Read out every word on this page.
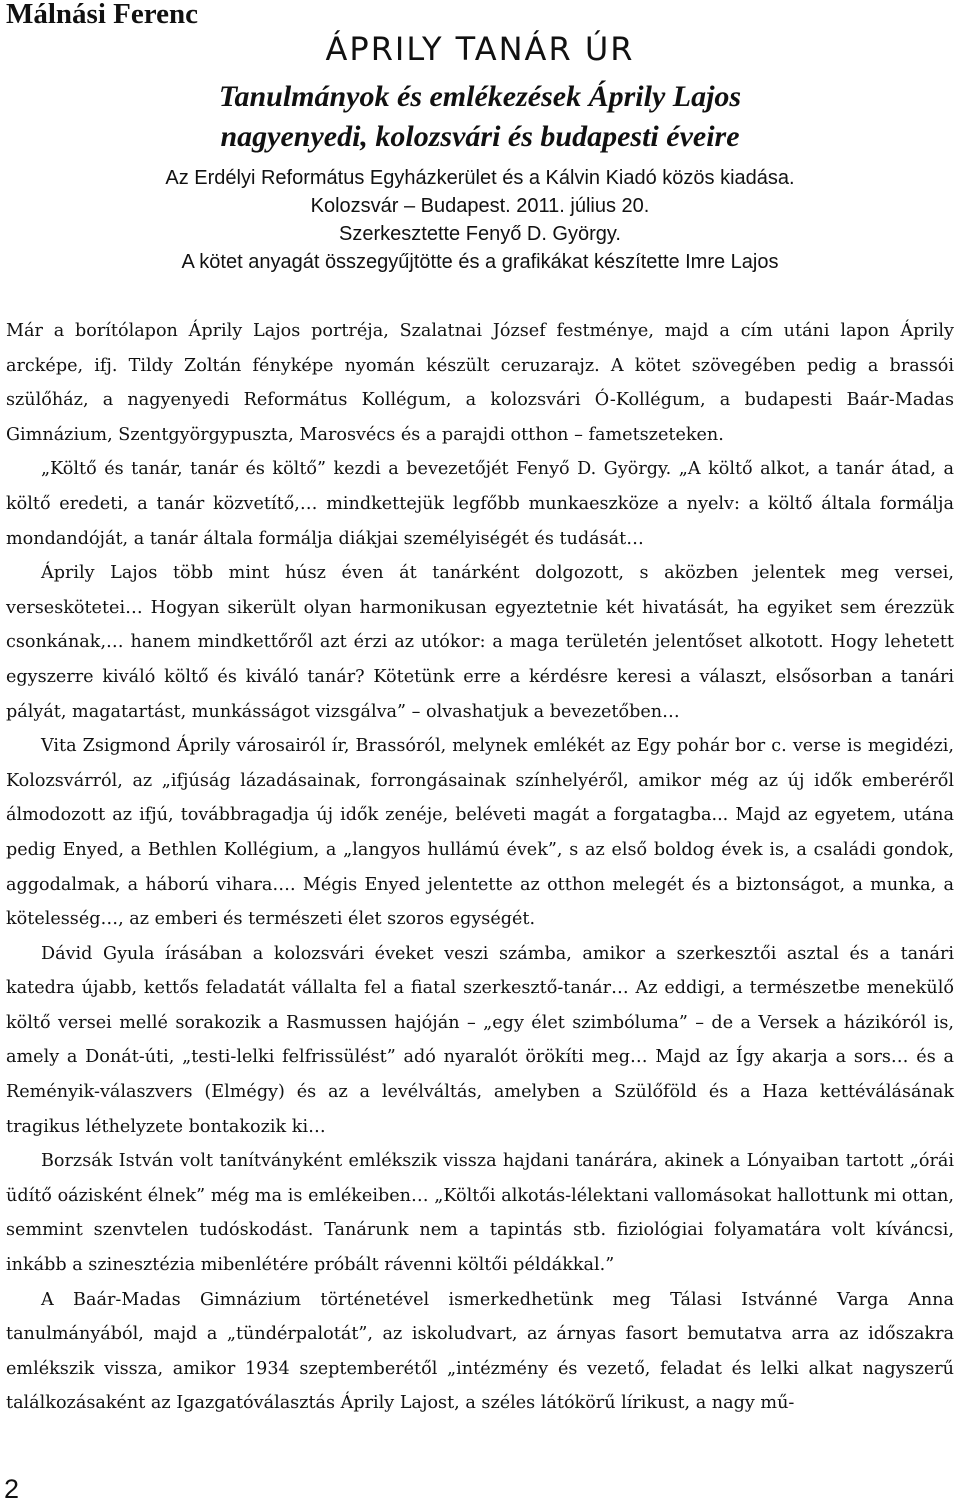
Málnási Ferenc
ÁPRILY TANÁR ÚR
Tanulmányok és emlékezések Áprily Lajos
nagyenyedi, kolozsvári és budapesti éveire
Az Erdélyi Református Egyházkerület és a Kálvin Kiadó közös kiadása.
Kolozsvár – Budapest. 2011. július 20.
Szerkesztette Fenyő D. György.
A kötet anyagát összegyűjtötte és a grafikákat készítette Imre Lajos

Már a borítólapon Áprily Lajos portréja, Szalatnai József festménye, majd a cím utáni lapon Áprily arcképe, ifj. Tildy Zoltán fényképe nyomán készült ceruzarajz. A kötet szövegében pedig a brassói szülőház, a nagyenyedi Református Kollégum, a kolozsvári Ó-Kollégum, a budapesti Baár-Madas Gimnázium, Szentgyörgypuszta, Marosvécs és a parajdi otthon – fametszeteken.

„Költő és tanár, tanár és költő” kezdi a bevezetőjét Fenyő D. György. „A költő alkot, a tanár átad, a költő eredeti, a tanár közvetítő,… mindkettejük legfőbb munkaeszköze a nyelv: a költő általa formálja mondandóját, a tanár általa formálja diákjai személyiségét és tudását…

Áprily Lajos több mint húsz éven át tanárként dolgozott, s aközben jelentek meg versei, verseskötetei… Hogyan sikerült olyan harmonikusan egyeztetnie két hivatását, ha egyiket sem érezzük csonkának,… hanem mindkettőről azt érzi az utókor: a maga területén jelentőset alkotott. Hogy lehetett egyszerre kiváló költő és kiváló tanár? Kötetünk erre a kérdésre keresi a választ, elsősorban a tanári pályát, magatartást, munkásságot vizsgálva” – olvashatjuk a bevezetőben…

Vita Zsigmond Áprily városairól ír, Brassóról, melynek emlékét az Egy pohár bor c. verse is megidézi, Kolozsvárról, az „ifjúság lázadásainak, forrongásainak színhelyéről, amikor még az új idők emberéről álmodozott az ifjú, továbbragadja új idők zenéje, beléveti magát a forgatagba... Majd az egyetem, utána pedig Enyed, a Bethlen Kollégium, a „langyos hullámú évek”, s az első boldog évek is, a családi gondok, aggodalmak, a háború vihara…. Mégis Enyed jelentette az otthon melegét és a biztonságot, a munka, a kötelesség…, az emberi és természeti élet szoros egységét.

Dávid Gyula írásában a kolozsvári éveket veszi számba, amikor a szerkesztői asztal és a tanári katedra újabb, kettős feladatát vállalta fel a fiatal szerkesztő-tanár… Az eddigi, a természetbe menekülő költő versei mellé sorakozik a Rasmussen hajóján – „egy élet szimbóluma” – de a Versek a házikóról is, amely a Donát-úti, „testi-lelki felfrissülést” adó nyaralót örökíti meg… Majd az Így akarja a sors… és a Reményik-válaszvers (Elmégy) és az a levélváltás, amelyben a Szülőföld és a Haza kettéválásának tragikus léthelyzete bontakozik ki…

Borzsák István volt tanítványként emlékszik vissza hajdani tanárára, akinek a Lónyaiban tartott „órái üdítő oázisként élnek” még ma is emlékeiben… „Költői alkotás-lélektani vallomásokat hallottunk mi ottan, semmint szenvtelen tudóskodást. Tanárunk nem a tapintás stb. fiziológiai folyamatára volt kíváncsi, inkább a szinesztézia mibenlétére próbált rávenni költői példákkal.”

A Baár-Madas Gimnázium történetével ismerkedhetünk meg Tálasi Istvánné Varga Anna tanulmányából, majd a „tündérpalotát”, az iskoludvart, az árnyas fasort bemutatva arra az időszakra emlékszik vissza, amikor 1934 szeptemberétől „intézmény és vezető, feladat és lelki alkat nagyszerű találkozásaként az Igazgatóválasztás Áprily Lajost, a széles látókörű lírikust, a nagy mű-

2
